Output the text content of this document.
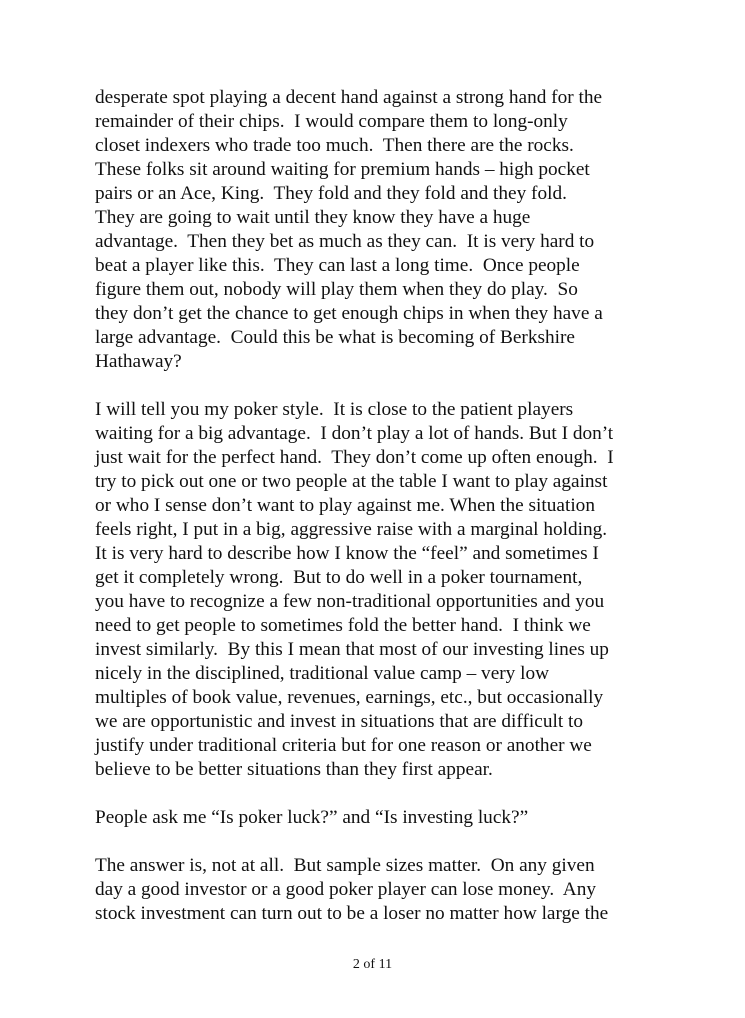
desperate spot playing a decent hand against a strong hand for the
remainder of their chips.  I would compare them to long-only
closet indexers who trade too much.  Then there are the rocks.
These folks sit around waiting for premium hands – high pocket
pairs or an Ace, King.  They fold and they fold and they fold.
They are going to wait until they know they have a huge
advantage.  Then they bet as much as they can.  It is very hard to
beat a player like this.  They can last a long time.  Once people
figure them out, nobody will play them when they do play.  So
they don’t get the chance to get enough chips in when they have a
large advantage.  Could this be what is becoming of Berkshire
Hathaway?
I will tell you my poker style.  It is close to the patient players
waiting for a big advantage.  I don’t play a lot of hands. But I don’t
just wait for the perfect hand.  They don’t come up often enough.  I
try to pick out one or two people at the table I want to play against
or who I sense don’t want to play against me. When the situation
feels right, I put in a big, aggressive raise with a marginal holding.
It is very hard to describe how I know the “feel” and sometimes I
get it completely wrong.  But to do well in a poker tournament,
you have to recognize a few non-traditional opportunities and you
need to get people to sometimes fold the better hand.  I think we
invest similarly.  By this I mean that most of our investing lines up
nicely in the disciplined, traditional value camp – very low
multiples of book value, revenues, earnings, etc., but occasionally
we are opportunistic and invest in situations that are difficult to
justify under traditional criteria but for one reason or another we
believe to be better situations than they first appear.
People ask me “Is poker luck?” and “Is investing luck?”
The answer is, not at all.  But sample sizes matter.  On any given
day a good investor or a good poker player can lose money.  Any
stock investment can turn out to be a loser no matter how large the
2 of 11
